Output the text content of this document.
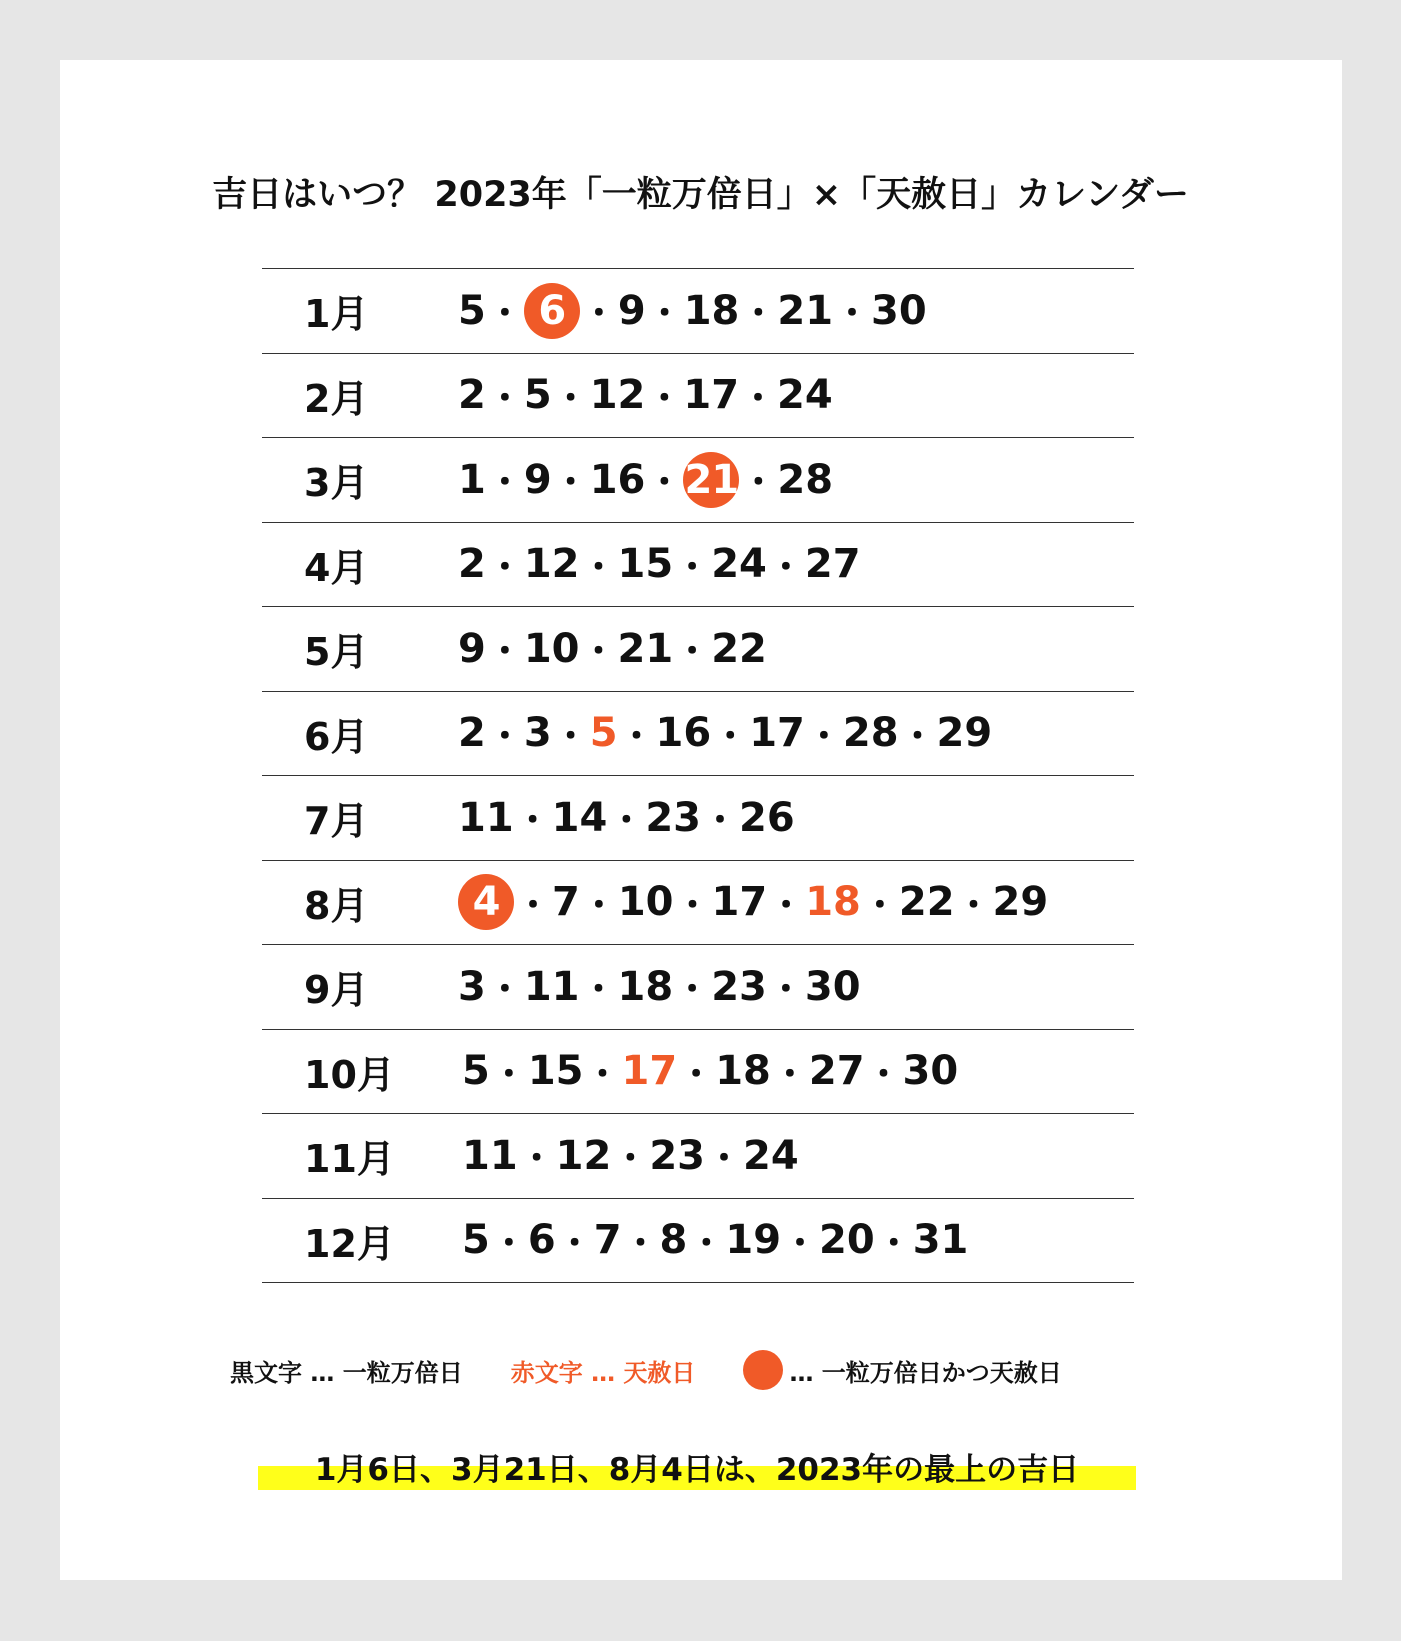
吉日はいつ？ 2023年「一粒万倍日」×「天赦日」カレンダー
1月 5 ・ 6 ・ 9 ・ 18 ・ 21 ・ 30
2月 2 ・ 5 ・ 12 ・ 17 ・ 24
3月 1 ・ 9 ・ 16 ・ 21 ・ 28
4月 2 ・ 12 ・ 15 ・ 24 ・ 27
5月 9 ・ 10 ・ 21 ・ 22
6月 2 ・ 3 ・ 5 ・ 16 ・ 17 ・ 28 ・ 29
7月 11 ・ 14 ・ 23 ・ 26
8月	4 ・ 7 ・ 10 ・ 17 ・ 18 ・ 22 ・ 29
9月 3 ・ 11 ・ 18 ・ 23 ・ 30
10月 5 ・ 15 ・ 17 ・ 18 ・ 27 ・ 30
11月 11 ・ 12 ・ 23 ・ 24
12月 5 ・ 6 ・ 7 ・ 8 ・ 19 ・ 20 ・ 31
黒文字 … 一粒万倍日 赤文字 … 天赦日	… 一粒万倍日かつ天赦日
1月6日、3月21日、8月4日は、2023年の最上の吉日
